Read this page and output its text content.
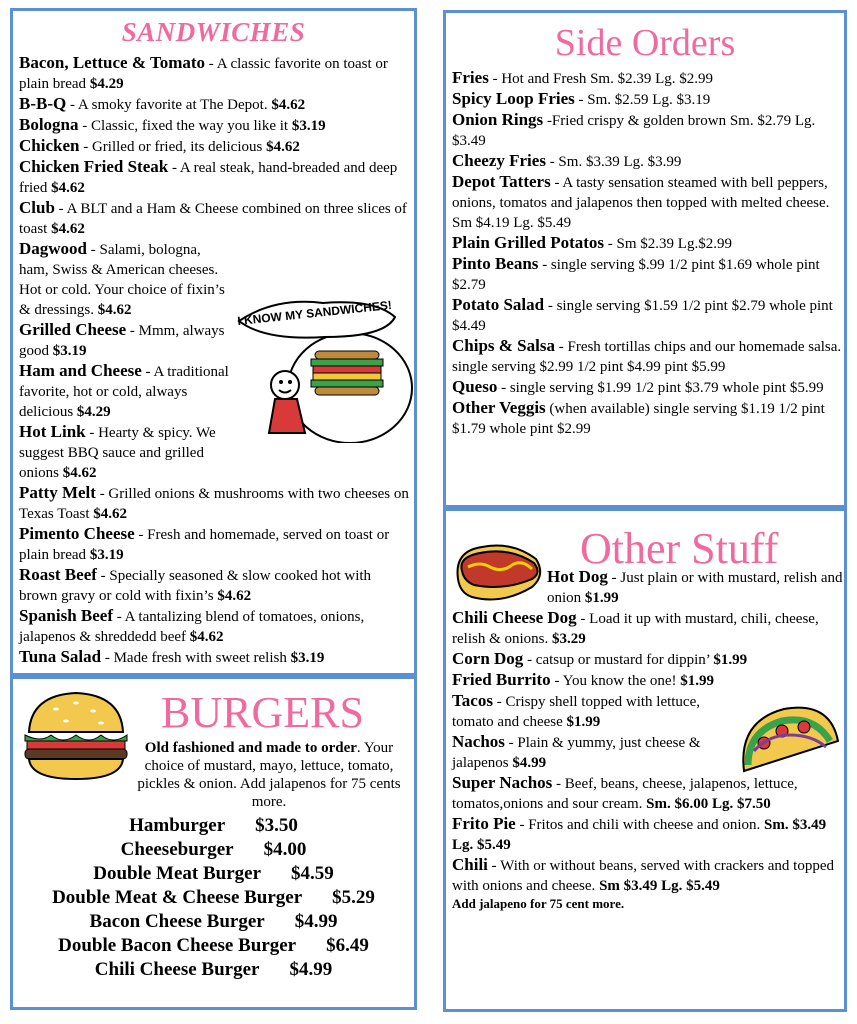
SANDWICHES
Bacon, Lettuce & Tomato - A classic favorite on toast or plain bread $4.29
B-B-Q - A smoky favorite at The Depot. $4.62
Bologna - Classic, fixed the way you like it $3.19
Chicken - Grilled or fried, its delicious $4.62
Chicken Fried Steak - A real steak, hand-breaded and deep fried $4.62
Club - A BLT and a Ham & Cheese combined on three slices of toast $4.62
Dagwood - Salami, bologna, ham, Swiss & American cheeses. Hot or cold. Your choice of fixin’s & dressings. $4.62
Grilled Cheese - Mmm, always good $3.19
Ham and Cheese - A traditional favorite, hot or cold, always delicious $4.29
Hot Link - Hearty & spicy. We suggest BBQ sauce and grilled onions $4.62
Patty Melt - Grilled onions & mushrooms with two cheeses on Texas Toast $4.62
Pimento Cheese - Fresh and homemade, served on toast or plain bread $3.19
Roast Beef - Specially seasoned & slow cooked hot with brown gravy or cold with fixin’s $4.62
Spanish Beef - A tantalizing blend of tomatoes, onions, jalapenos & shreddedd beef $4.62
Tuna Salad - Made fresh with sweet relish $3.19
I KNOW MY SANDWICHES!
BURGERS
Old fashioned and made to order. Your choice of mustard, mayo, lettuce, tomato, pickles & onion. Add jalapenos for 75 cents more.
Hamburger $3.50
Cheeseburger $4.00
Double Meat Burger $4.59
Double Meat & Cheese Burger $5.29
Bacon Cheese Burger $4.99
Double Bacon Cheese Burger $6.49
Chili Cheese Burger $4.99
Side Orders
Fries - Hot and Fresh Sm. $2.39 Lg. $2.99
Spicy Loop Fries - Sm. $2.59 Lg. $3.19
Onion Rings -Fried crispy & golden brown Sm. $2.79 Lg. $3.49
Cheezy Fries - Sm. $3.39 Lg. $3.99
Depot Tatters - A tasty sensation steamed with bell peppers, onions, tomatos and jalapenos then topped with melted cheese. Sm $4.19 Lg. $5.49
Plain Grilled Potatos - Sm $2.39 Lg.$2.99
Pinto Beans - single serving $.99 1/2 pint $1.69 whole pint $2.79
Potato Salad - single serving $1.59 1/2 pint $2.79 whole pint $4.49
Chips & Salsa - Fresh tortillas chips and our homemade salsa. single serving $2.99 1/2 pint $4.99 pint $5.99
Queso - single serving $1.99 1/2 pint $3.79 whole pint $5.99
Other Veggis (when available) single serving $1.19 1/2 pint $1.79 whole pint $2.99
Other Stuff
Hot Dog - Just plain or with mustard, relish and onion $1.99
Chili Cheese Dog - Load it up with mustard, chili, cheese, relish & onions. $3.29
Corn Dog - catsup or mustard for dippin’ $1.99
Fried Burrito - You know the one! $1.99
Tacos - Crispy shell topped with lettuce, tomato and cheese $1.99
Nachos - Plain & yummy, just cheese & jalapenos $4.99
Super Nachos - Beef, beans, cheese, jalapenos, lettuce, tomatos,onions and sour cream. Sm. $6.00 Lg. $7.50
Frito Pie - Fritos and chili with cheese and onion. Sm. $3.49 Lg. $5.49
Chili - With or without beans, served with crackers and topped with onions and cheese. Sm $3.49 Lg. $5.49
Add jalapeno for 75 cent more.
